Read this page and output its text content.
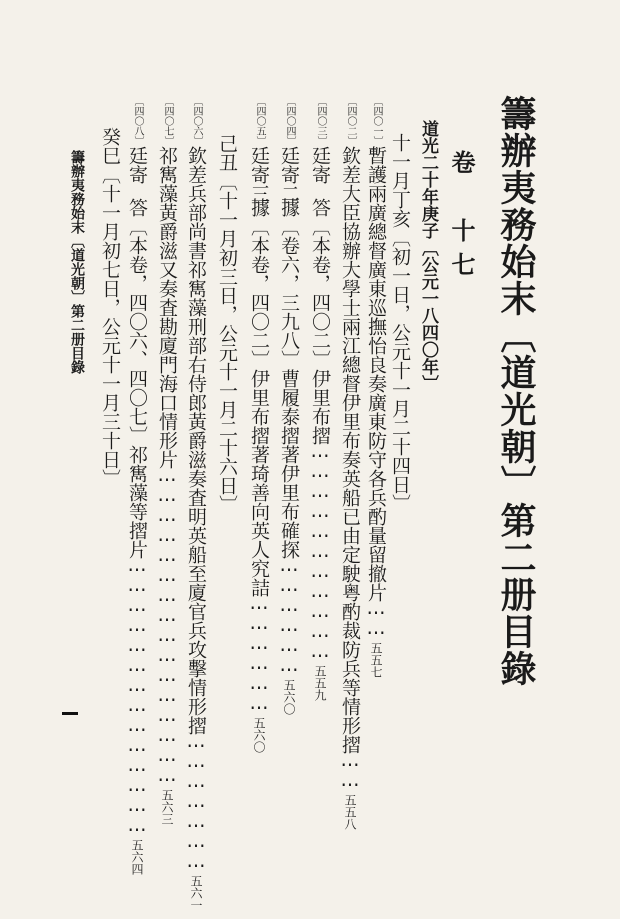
籌辦夷務始末〔道光朝〕第二册目錄
卷　十七
道光二十年庚子〔公元一八四〇年〕
十一月丁亥〔初一日，公元十一月二十四日〕
〔四〇一〕暫護兩廣總督廣東巡撫怡良奏廣東防守各兵酌量留撤片⋯⋯五五七
〔四〇二〕欽差大臣協辦大學士兩江總督伊里布奏英船已由定駛粤酌裁防兵等情形摺⋯⋯五五八
〔四〇三〕廷寄
答〔本卷，四〇二〕伊里布摺⋯⋯⋯⋯⋯⋯⋯⋯⋯⋯⋯五五九
〔四〇四〕廷寄二
據〔卷六，三九八〕曹履泰摺著伊里布確探⋯⋯⋯⋯⋯⋯五六〇
〔四〇五〕廷寄三
據〔本卷，四〇二〕伊里布摺著琦善向英人究詰⋯⋯⋯⋯⋯⋯五六〇
己丑〔十一月初三日，公元十一月二十六日〕
〔四〇六〕欽差兵部尚書祁寯藻刑部右侍郎黃爵滋奏査明英船至廈官兵攻擊情形摺⋯⋯⋯⋯⋯⋯⋯五六一
〔四〇七〕祁寯藻黃爵滋又奏査勘廈門海口情形片⋯⋯⋯⋯⋯⋯⋯⋯⋯⋯⋯⋯⋯⋯⋯⋯五六三
〔四〇八〕廷寄
答〔本卷，四〇六、四〇七〕祁寯藻等摺片⋯⋯⋯⋯⋯⋯⋯⋯⋯⋯⋯⋯⋯⋯五六四
癸巳〔十一月初七日，公元十一月三十日〕
籌辦夷務始末〔道光朝〕第二册目錄
